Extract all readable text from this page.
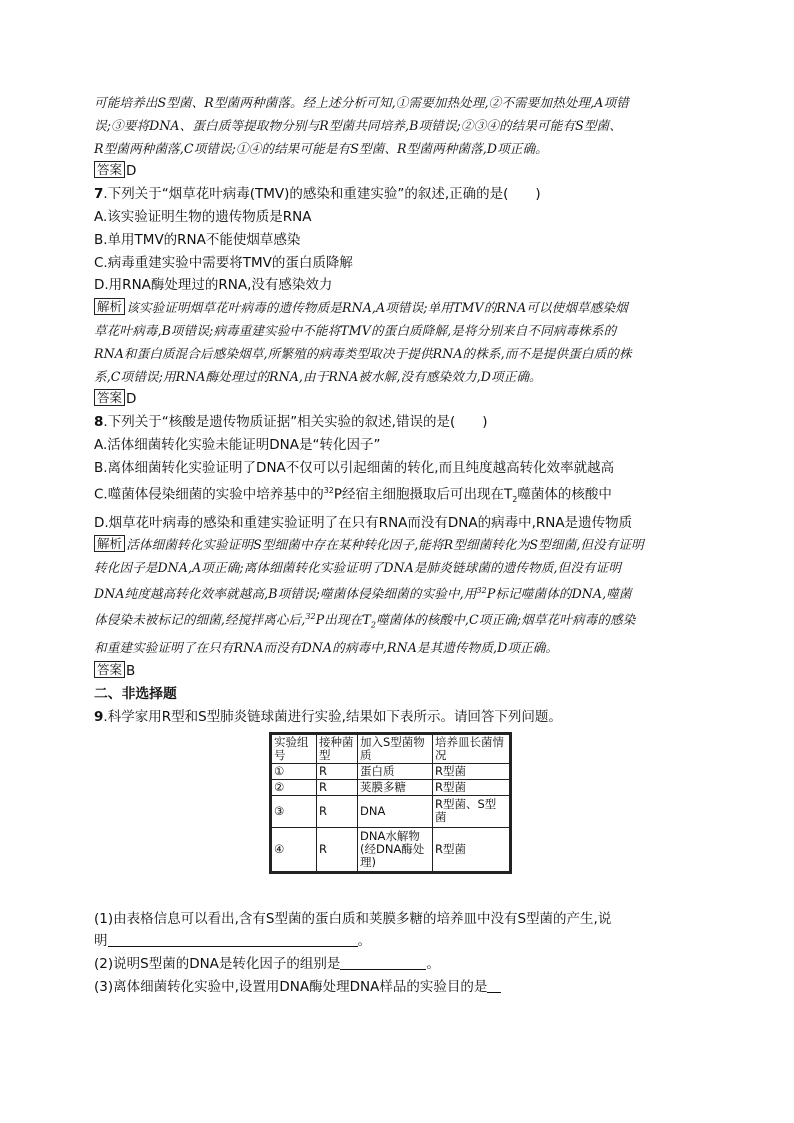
可能培养出S型菌、R型菌两种菌落。经上述分析可知,①需要加热处理,②不需要加热处理,A项错
误;③要将DNA、蛋白质等提取物分别与R型菌共同培养,B项错误;②③④的结果可能有S型菌、
R型菌两种菌落,C项错误;①④的结果可能是有S型菌、R型菌两种菌落,D项正确。
答案 D
7.下列关于“烟草花叶病毒(TMV)的感染和重建实验”的叙述,正确的是(　　)
A.该实验证明生物的遗传物质是RNA
B.单用TMV的RNA不能使烟草感染
C.病毒重建实验中需要将TMV的蛋白质降解
D.用RNA酶处理过的RNA,没有感染效力
解析 该实验证明烟草花叶病毒的遗传物质是RNA,A项错误;单用TMV的RNA可以使烟草感染烟
草花叶病毒,B项错误;病毒重建实验中不能将TMV的蛋白质降解,是将分别来自不同病毒株系的
RNA和蛋白质混合后感染烟草,所繁殖的病毒类型取决于提供RNA的株系,而不是提供蛋白质的株
系,C项错误;用RNA酶处理过的RNA,由于RNA被水解,没有感染效力,D项正确。
答案 D
8.下列关于“核酸是遗传物质证据”相关实验的叙述,错误的是(　　)
A.活体细菌转化实验未能证明DNA是“转化因子”
B.离体细菌转化实验证明了DNA不仅可以引起细菌的转化,而且纯度越高转化效率就越高
C.噬菌体侵染细菌的实验中培养基中的$^{32}$P经宿主细胞摄取后可出现在$T_2$噬菌体的核酸中
D.烟草花叶病毒的感染和重建实验证明了在只有RNA而没有DNA的病毒中,RNA是遗传物质
解析 活体细菌转化实验证明S型细菌中存在某种转化因子,能将R型细菌转化为S型细菌,但没有证明
转化因子是DNA,A项正确;离体细菌转化实验证明了DNA是肺炎链球菌的遗传物质,但没有证明
DNA纯度越高转化效率就越高,B项错误;噬菌体侵染细菌的实验中,用$^{32}$P标记噬菌体的DNA,噬菌
体侵染未被标记的细菌,经搅拌离心后,$^{32}$P出现在$T_2$噬菌体的核酸中,C项正确;烟草花叶病毒的感染
和重建实验证明了在只有RNA而没有DNA的病毒中,RNA是其遗传物质,D项正确。
答案 B
二、非选择题
9.科学家用R型和S型肺炎链球菌进行实验,结果如下表所示。请回答下列问题。
实验组号	接种菌型	加入S型菌物质	培养皿长菌情况
①	R	蛋白质	R型菌
②	R	荚膜多糖	R型菌
③	R	DNA	R型菌、S型菌
④	R	DNA水解物(经DNA酶处理)	R型菌
(1)由表格信息可以看出,含有S型菌的蛋白质和荚膜多糖的培养皿中没有S型菌的产生,说
明	。
(2)说明S型菌的DNA是转化因子的组别是	。
(3)离体细菌转化实验中,设置用DNA酶处理DNA样品的实验目的是
